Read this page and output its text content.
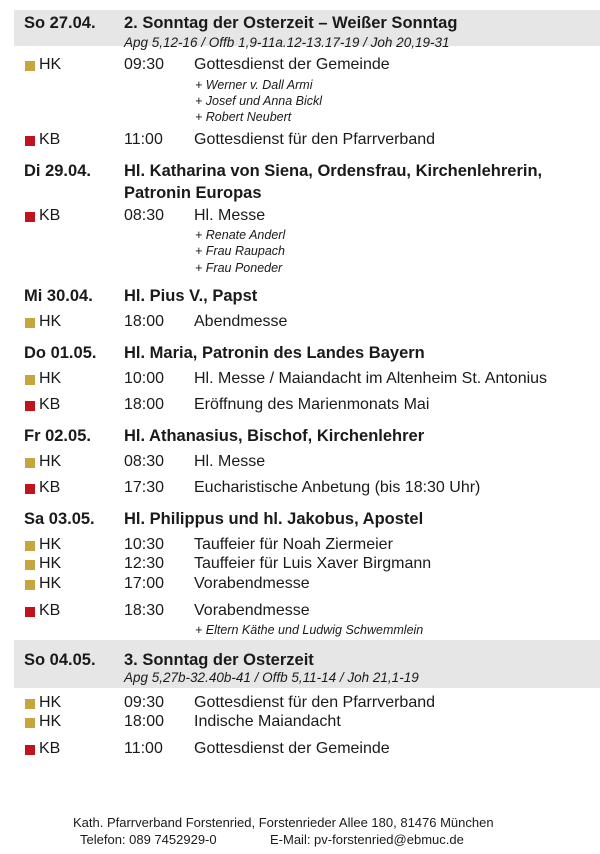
So 27.04. 2. Sonntag der Osterzeit – Weißer Sonntag
Apg 5,12-16 / Offb 1,9-11a.12-13.17-19 / Joh 20,19-31
HK	09:30 Gottesdienst der Gemeinde
+ Werner v. Dall Armi
+ Josef und Anna Bickl
+ Robert Neubert
KB	11:00 Gottesdienst für den Pfarrverband
Di 29.04. Hl. Katharina von Siena, Ordensfrau, Kirchenlehrerin,
Patronin Europas
KB	08:30 Hl. Messe
+ Renate Anderl
+ Frau Raupach
+ Frau Poneder
Mi 30.04. Hl. Pius V., Papst
HK	18:00 Abendmesse
Do 01.05. Hl. Maria, Patronin des Landes Bayern
HK	10:00 Hl. Messe / Maiandacht im Altenheim St. Antonius
KB	18:00 Eröffnung des Marienmonats Mai
Fr 02.05. Hl. Athanasius, Bischof, Kirchenlehrer
HK	08:30 Hl. Messe
KB	17:30 Eucharistische Anbetung (bis 18:30 Uhr)
Sa 03.05. Hl. Philippus und hl. Jakobus, Apostel
HK	10:30 Tauffeier für Noah Ziermeier
HK	12:30 Tauffeier für Luis Xaver Birgmann
HK	17:00 Vorabendmesse
KB	18:30 Vorabendmesse
+ Eltern Käthe und Ludwig Schwemmlein
So 04.05. 3. Sonntag der Osterzeit
Apg 5,27b-32.40b-41 / Offb 5,11-14 / Joh 21,1-19
HK	09:30 Gottesdienst für den Pfarrverband
HK	18:00 Indische Maiandacht
KB	11:00 Gottesdienst der Gemeinde
Kath. Pfarrverband Forstenried, Forstenrieder Allee 180, 81476 München
Telefon: 089 7452929-0	E-Mail: pv-forstenried@ebmuc.de
